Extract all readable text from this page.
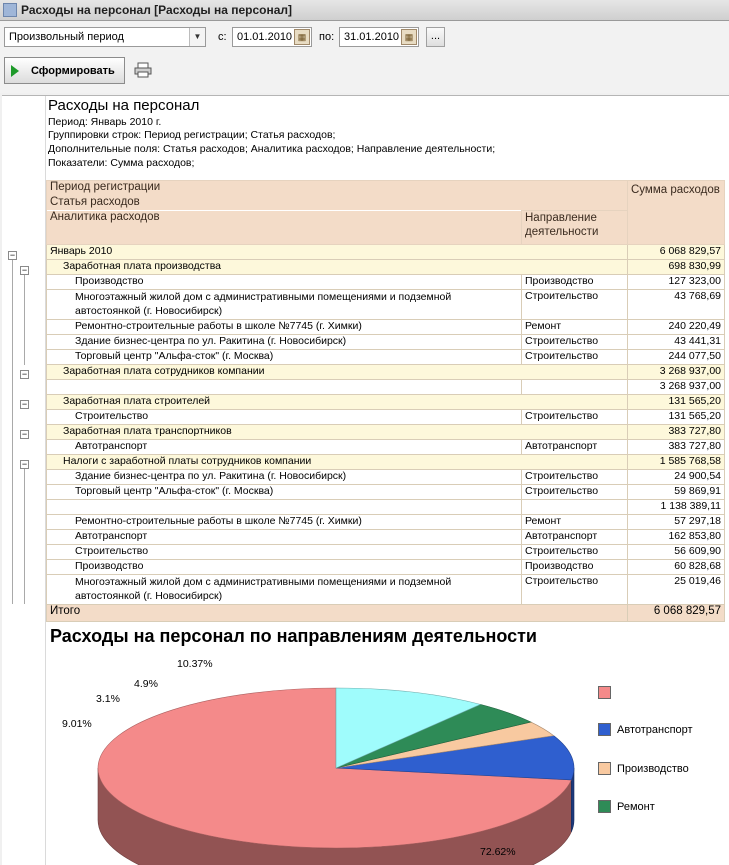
Расходы на персонал [Расходы на персонал]
Произвольный период	▼	с: 01.01.2010 ▦	по: 31.01.2010 ▦	...
Сформировать
Расходы на персонал
Период: Январь 2010 г.
Группировки строк: Период регистрации; Статья расходов;
Дополнительные поля: Статья расходов; Аналитика расходов; Направление деятельности;
Показатели: Сумма расходов;
−
−
−
−
−
−
Период регистрации		Сумма расходов
Статья расходов		
Аналитика расходов	Направление деятельности	
Январь 2010		6 068 829,57
Заработная плата производства		698 830,99
Производство	Производство	127 323,00
Многоэтажный жилой дом с административными помещениями и подземной автостоянкой (г. Новосибирск)	Строительство	43 768,69
Ремонтно-строительные работы в школе №7745 (г. Химки)	Ремонт	240 220,49
Здание бизнес-центра по ул. Ракитина (г. Новосибирск)	Строительство	43 441,31
Торговый центр "Альфа-сток" (г. Москва)	Строительство	244 077,50
Заработная плата сотрудников компании		3 268 937,00
		3 268 937,00
Заработная плата строителей		131 565,20
Строительство	Строительство	131 565,20
Заработная плата транспортников		383 727,80
Автотранспорт	Автотранспорт	383 727,80
Налоги с заработной платы сотрудников компании		1 585 768,58
Здание бизнес-центра по ул. Ракитина (г. Новосибирск)	Строительство	24 900,54
Торговый центр "Альфа-сток" (г. Москва)	Строительство	59 869,91
		1 138 389,11
Ремонтно-строительные работы в школе №7745 (г. Химки)	Ремонт	57 297,18
Автотранспорт	Автотранспорт	162 853,80
Строительство	Строительство	56 609,90
Производство	Производство	60 828,68
Многоэтажный жилой дом с административными помещениями и подземной автостоянкой (г. Новосибирск)	Строительство	25 019,46
Итого		6 068 829,57
Расходы на персонал по направлениям деятельности
10.37%
4.9%
3.1%
9.01%
72.62%
Автотранспорт
Производство
Ремонт
